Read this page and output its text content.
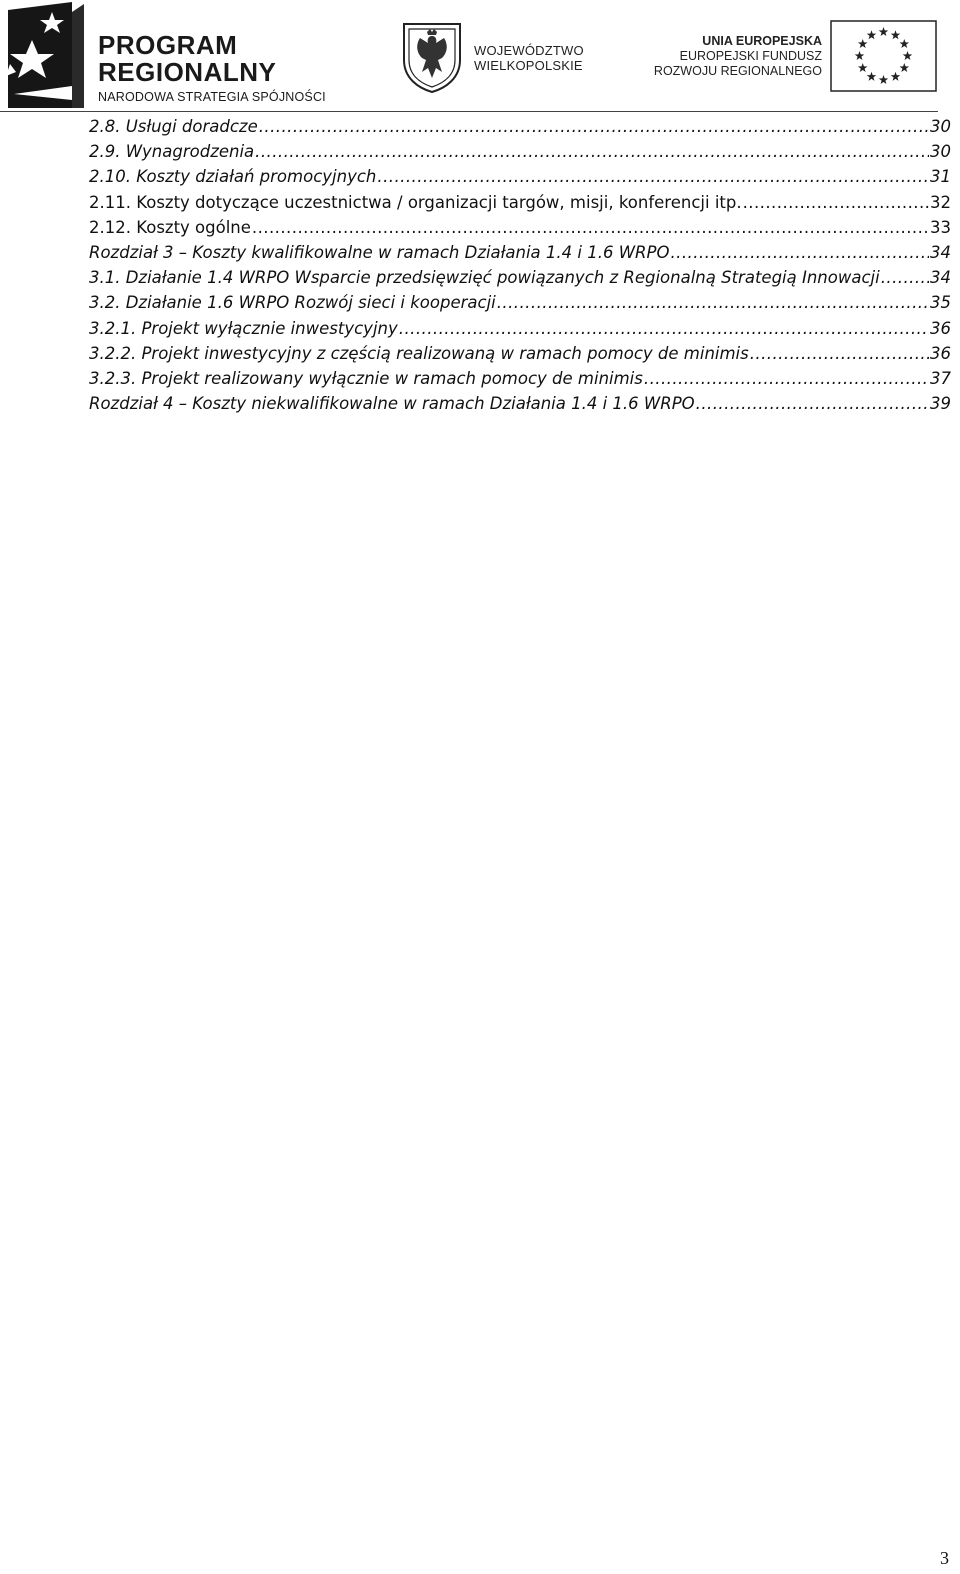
PROGRAM
REGIONALNY
NARODOWA STRATEGIA SPÓJNOŚCI
WOJEWÓDZTWO
WIELKOPOLSKIE
UNIA EUROPEJSKA
EUROPEJSKI FUNDUSZ
ROZWOJU REGIONALNEGO
2.8. Usługi doradcze . . .	30
2.9. Wynagrodzenia . . .	30
2.10. Koszty działań promocyjnych . . .	31
2.11. Koszty dotyczące uczestnictwa / organizacji targów, misji, konferencji itp. . . .	32
2.12. Koszty ogólne . . .	33
Rozdział 3 – Koszty kwalifikowalne w ramach Działania 1.4 i 1.6 WRPO . . .	34
3.1. Działanie 1.4 WRPO Wsparcie przedsięwzięć powiązanych z Regionalną Strategią Innowacji . . .	34
3.2. Działanie 1.6 WRPO Rozwój sieci i kooperacji . . .	35
3.2.1. Projekt wyłącznie inwestycyjny . . .	36
3.2.2. Projekt inwestycyjny z częścią realizowaną w ramach pomocy de minimis . . .	36
3.2.3. Projekt realizowany wyłącznie w ramach pomocy de minimis . . .	37
Rozdział 4 – Koszty niekwalifikowalne w ramach Działania 1.4 i 1.6 WRPO . . .	39
3
